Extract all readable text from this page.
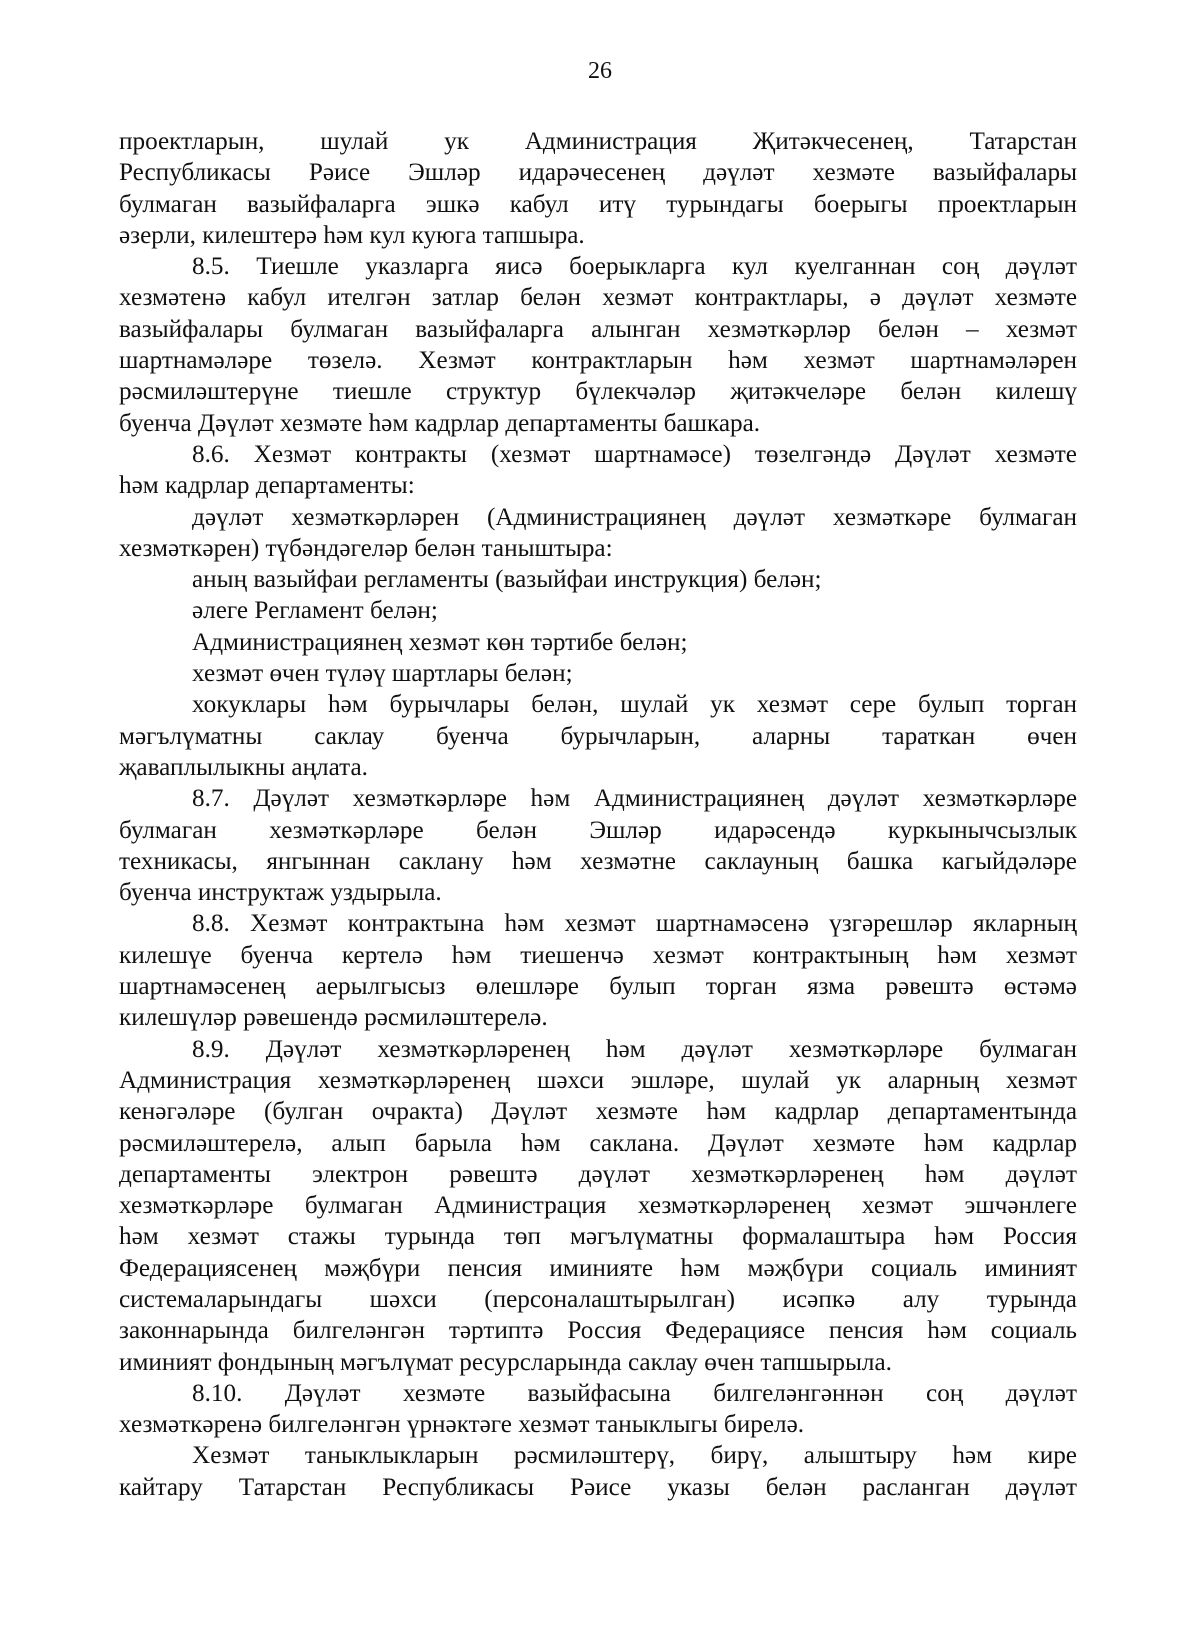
26

проектларын, шулай ук Администрация Җитәкчесенең, Татарстан

Республикасы Рәисе Эшләр идарәчесенең дәүләт хезмәте вазыйфалары

булмаган вазыйфаларга эшкә кабул итү турындагы боерыгы проектларын

әзерли, килештерә һәм кул куюга тапшыра.

8.5. Тиешле указларга яисә боерыкларга кул куелганнан соң дәүләт

хезмәтенә кабул ителгән затлар белән хезмәт контрактлары, ә дәүләт хезмәте

вазыйфалары булмаган вазыйфаларга алынган хезмәткәрләр белән – хезмәт

шартнамәләре төзелә. Хезмәт контрактларын һәм хезмәт шартнамәләрен

рәсмиләштерүне тиешле структур бүлекчәләр җитәкчеләре белән килешү

буенча Дәүләт хезмәте һәм кадрлар департаменты башкара.

8.6. Хезмәт контракты (хезмәт шартнамәсе) төзелгәндә Дәүләт хезмәте

һәм кадрлар департаменты:

дәүләт хезмәткәрләрен (Администрациянең дәүләт хезмәткәре булмаган

хезмәткәрен) түбәндәгеләр белән таныштыра:

аның вазыйфаи регламенты (вазыйфаи инструкция) белән;

әлеге Регламент белән;

Администрациянең хезмәт көн тәртибе белән;

хезмәт өчен түләү шартлары белән;

хокуклары һәм бурычлары белән, шулай ук хезмәт сере булып торган

мәгълүматны саклау буенча бурычларын, аларны тараткан өчен

җаваплылыкны аңлата.

8.7. Дәүләт хезмәткәрләре һәм Администрациянең дәүләт хезмәткәрләре

булмаган хезмәткәрләре белән Эшләр идарәсендә куркынычсызлык

техникасы, янгыннан саклану һәм хезмәтне саклауның башка кагыйдәләре

буенча инструктаж уздырыла.

8.8. Хезмәт контрактына һәм хезмәт шартнамәсенә үзгәрешләр якларның

килешүе буенча кертелә һәм тиешенчә хезмәт контрактының һәм хезмәт

шартнамәсенең аерылгысыз өлешләре булып торган язма рәвештә өстәмә

килешүләр рәвешендә рәсмиләштерелә.

8.9. Дәүләт хезмәткәрләренең һәм дәүләт хезмәткәрләре булмаган

Администрация хезмәткәрләренең шәхси эшләре, шулай ук аларның хезмәт

кенәгәләре (булган очракта) Дәүләт хезмәте һәм кадрлар департаментында

рәсмиләштерелә, алып барыла һәм саклана. Дәүләт хезмәте һәм кадрлар

департаменты электрон рәвештә дәүләт хезмәткәрләренең һәм дәүләт

хезмәткәрләре булмаган Администрация хезмәткәрләренең хезмәт эшчәнлеге

һәм хезмәт стажы турында төп мәгълүматны формалаштыра һәм Россия

Федерациясенең мәҗбүри пенсия иминияте һәм мәҗбүри социаль иминият

системаларындагы шәхси (персоналаштырылган) исәпкә алу турында

законнарында билгеләнгән тәртиптә Россия Федерациясе пенсия һәм социаль

иминият фондының мәгълүмат ресурсларында саклау өчен тапшырыла.

8.10. Дәүләт хезмәте вазыйфасына билгеләнгәннән соң дәүләт

хезмәткәренә билгеләнгән үрнәктәге хезмәт таныклыгы бирелә.

Хезмәт таныклыкларын рәсмиләштерү, бирү, алыштыру һәм кире

кайтару Татарстан Республикасы Рәисе указы белән расланган дәүләт
